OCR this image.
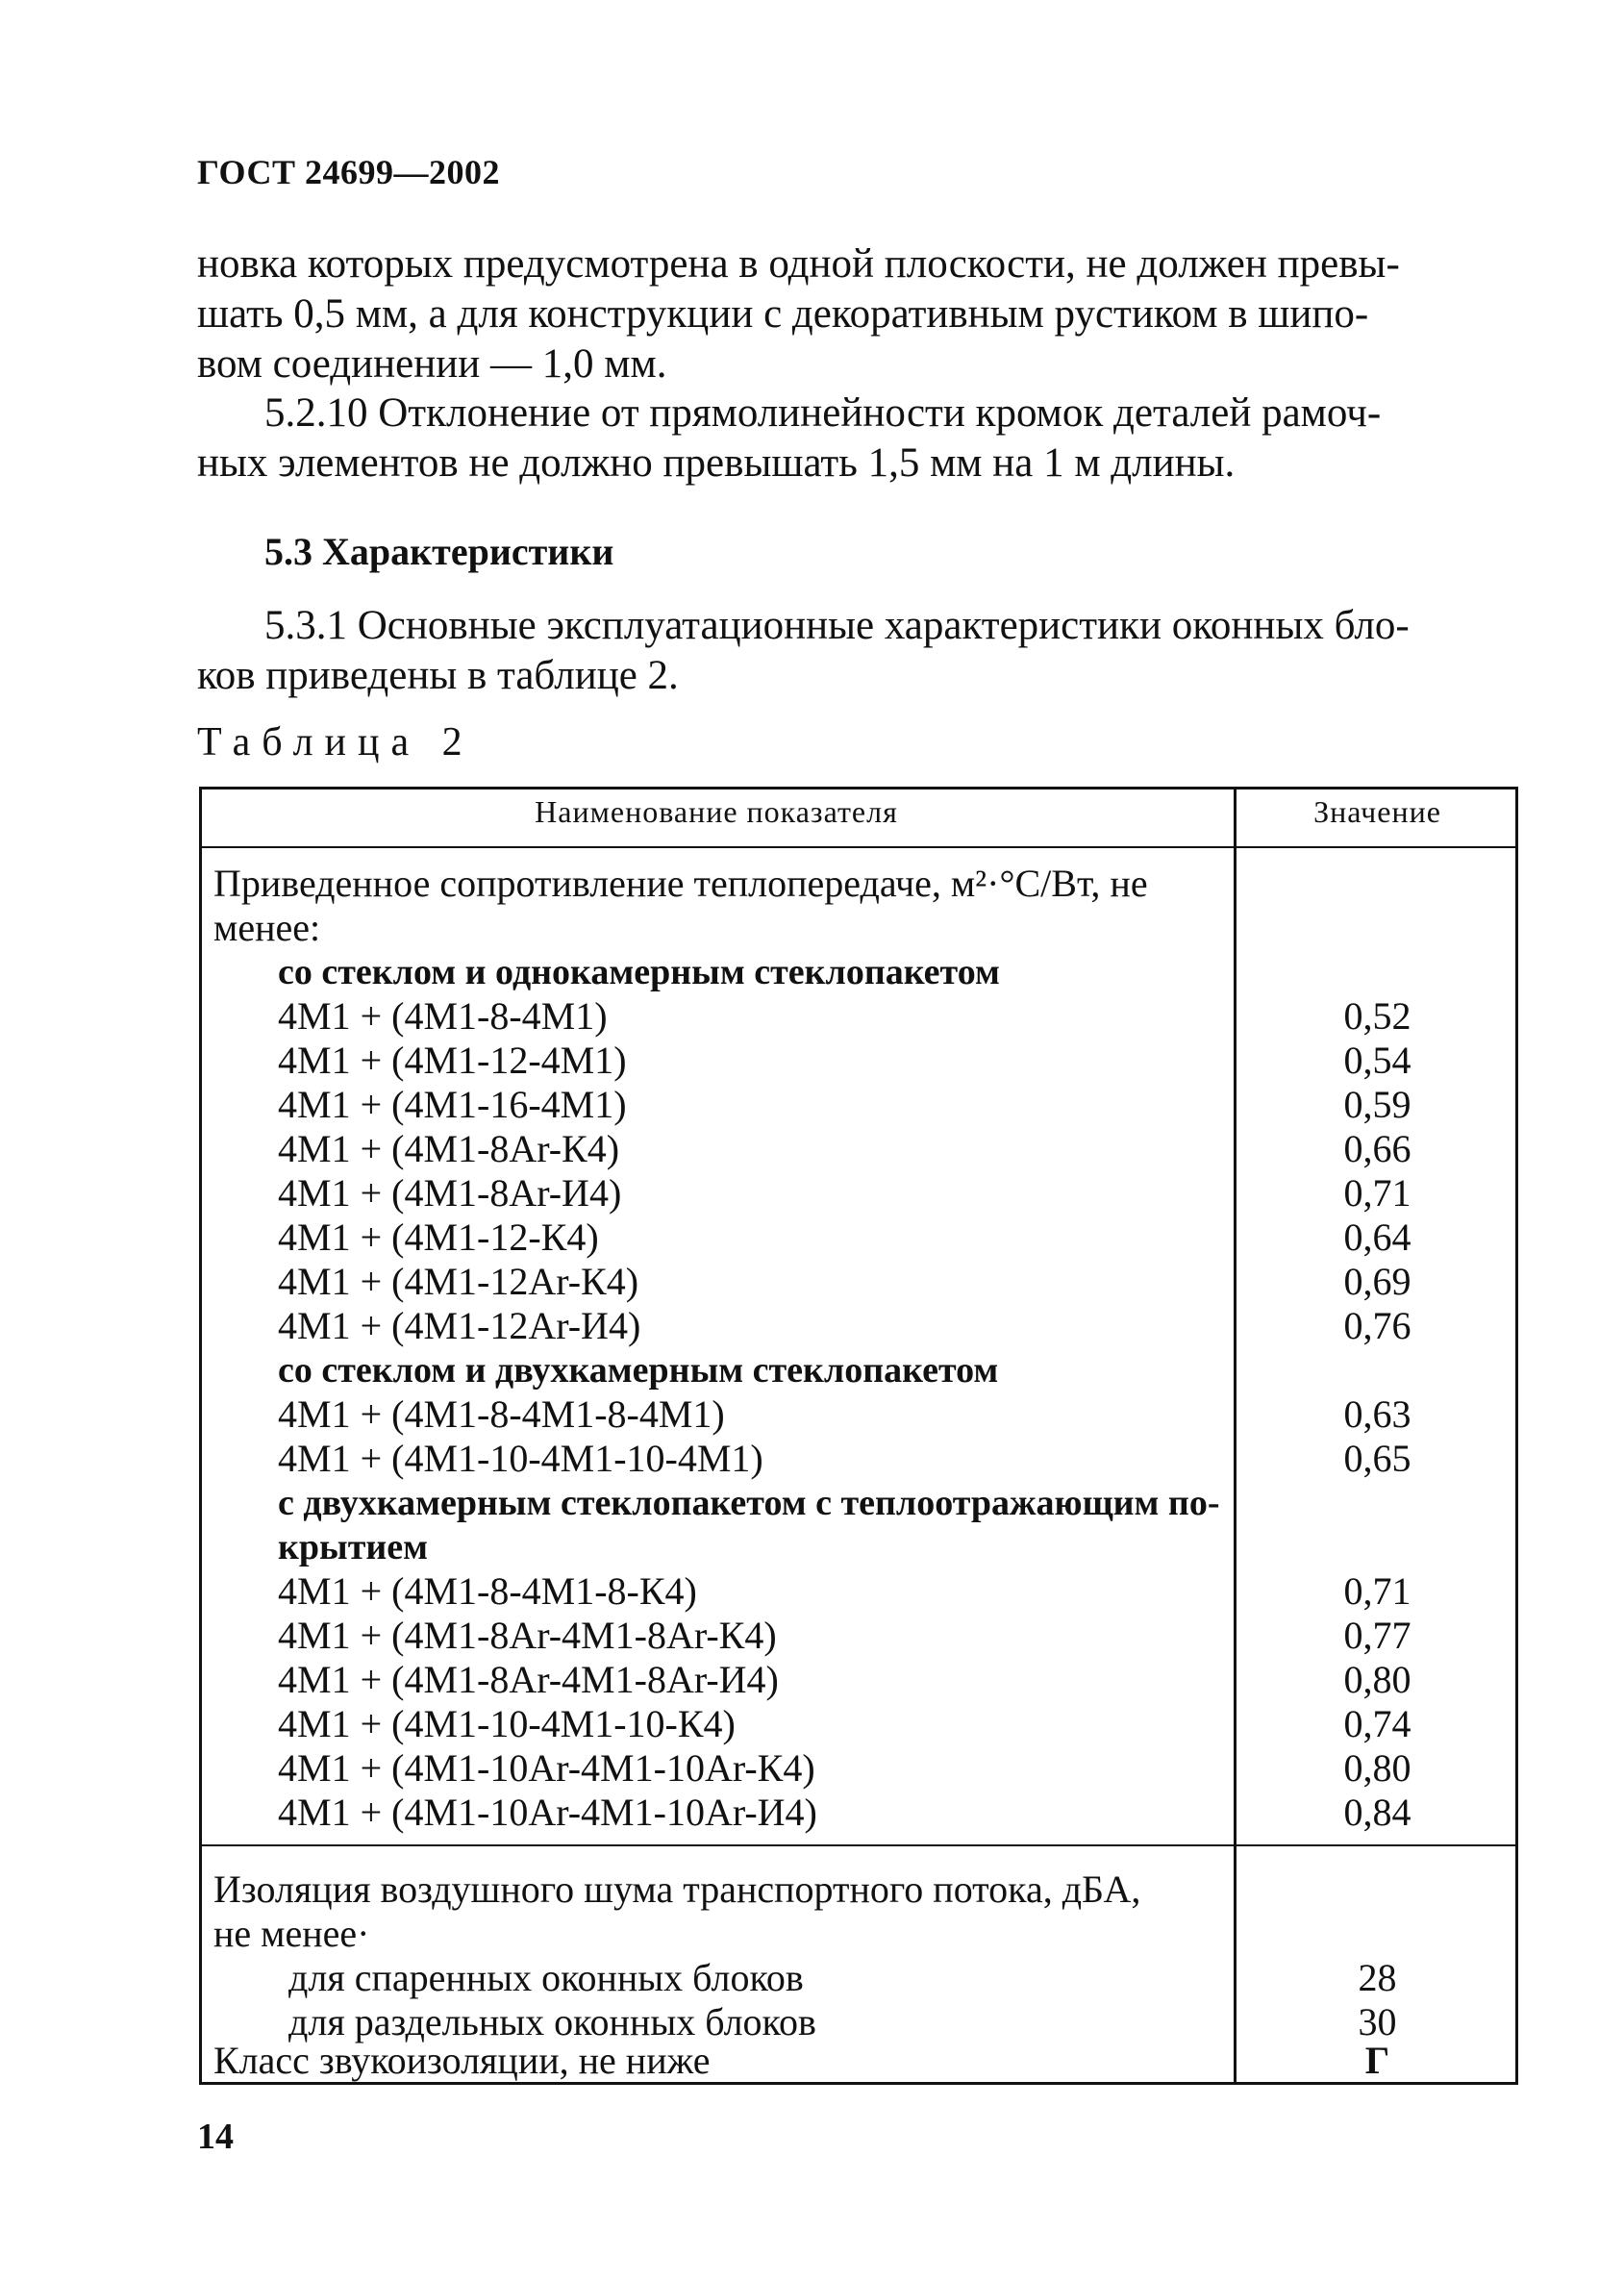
ГОСТ 24699—2002
новка которых предусмотрена в одной плоскости, не должен превы-
шать 0,5 мм, а для конструкции с декоративным рустиком в шипо-
вом соединении — 1,0 мм.
5.2.10 Отклонение от прямолинейности кромок деталей рамоч-
ных элементов не должно превышать 1,5 мм на 1 м длины.
5.3 Характеристики
5.3.1 Основные эксплуатационные характеристики оконных бло-
ков приведены в таблице 2.
Таблица 2
Наименование показателя	Значение
Приведенное сопротивление теплопередаче, м²·°С/Вт, не
менее:
со стеклом и однокамерным стеклопакетом
4М1 + (4М1-8-4М1)	0,52
4М1 + (4М1-12-4М1)	0,54
4М1 + (4М1-16-4М1)	0,59
4М1 + (4М1-8Аr-К4)	0,66
4М1 + (4М1-8Аr-И4)	0,71
4М1 + (4М1-12-К4)	0,64
4М1 + (4М1-12Аr-К4)	0,69
4М1 + (4М1-12Аr-И4)	0,76
со стеклом и двухкамерным стеклопакетом
4М1 + (4М1-8-4М1-8-4М1)	0,63
4М1 + (4М1-10-4М1-10-4М1)	0,65
с двухкамерным стеклопакетом с теплоотражающим по-
крытием
4М1 + (4М1-8-4М1-8-К4)	0,71
4М1 + (4М1-8Аr-4М1-8Аr-К4)	0,77
4М1 + (4М1-8Аr-4М1-8Аr-И4)	0,80
4М1 + (4М1-10-4М1-10-К4)	0,74
4М1 + (4М1-10Аr-4М1-10Аr-К4)	0,80
4М1 + (4М1-10Аr-4М1-10Аr-И4)	0,84
Изоляция воздушного шума транспортного потока, дБА,
не менее·
для спаренных оконных блоков	28
для раздельных оконных блоков	30
Класс звукоизоляции, не ниже	Г
14
